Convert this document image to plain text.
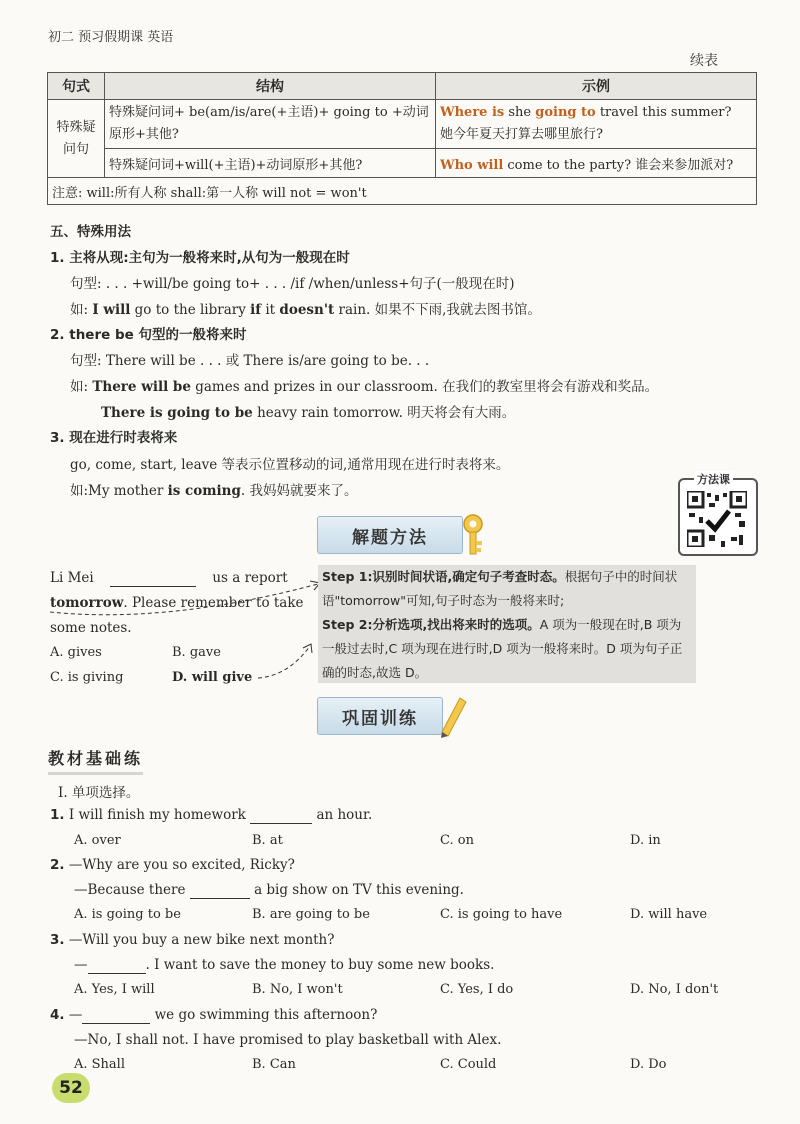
初二 预习假期课 英语
续表
句式	结构	示例
特殊疑问句	特殊疑问词+ be(am/is/are(+主语)+ going to +动词原形+其他?	Where is she going to travel this summer?
她今年夏天打算去哪里旅行?
	特殊疑问词+will(+主语)+动词原形+其他?	Who will come to the party? 谁会来参加派对?
注意: will:所有人称 shall:第一人称 will not = won't		
五、特殊用法
1. 主将从现:主句为一般将来时,从句为一般现在时
句型: . . . +will/be going to+ . . . /if /when/unless+句子(一般现在时)
如: I will go to the library if it doesn't rain. 如果不下雨,我就去图书馆。
2. there be 句型的一般将来时
句型: There will be . . . 或 There is/are going to be. . .
如: There will be games and prizes in our classroom. 在我们的教室里将会有游戏和奖品。
There is going to be heavy rain tomorrow. 明天将会有大雨。
3. 现在进行时表将来
go, come, start, leave 等表示位置移动的词,通常用现在进行时表将来。
如:My mother is coming. 我妈妈就要来了。
方法课
解题方法
Li Mei	us a report
tomorrow. Please remember to take
some notes.
A. gives	B. gave
C. is giving	D. will give
Step 1:识别时间状语,确定句子考查时态。根据句子中的时间状语"tomorrow"可知,句子时态为一般将来时;
Step 2:分析选项,找出将来时的选项。A 项为一般现在时,B 项为一般过去时,C 项为现在进行时,D 项为一般将来时。D 项为句子正确的时态,故选 D。
巩固训练
教材基础练
Ⅰ. 单项选择。
1. I will finish my homework	an hour.
A. over	B. at	C. on	D. in
2. —Why are you so excited, Ricky?
—Because there	a big show on TV this evening.
A. is going to be	B. are going to be	C. is going to have	D. will have
3. —Will you buy a new bike next month?
—	. I want to save the money to buy some new books.
A. Yes, I will	B. No, I won't	C. Yes, I do	D. No, I don't
4. —	we go swimming this afternoon?
—No, I shall not. I have promised to play basketball with Alex.
A. Shall	B. Can	C. Could	D. Do
52
